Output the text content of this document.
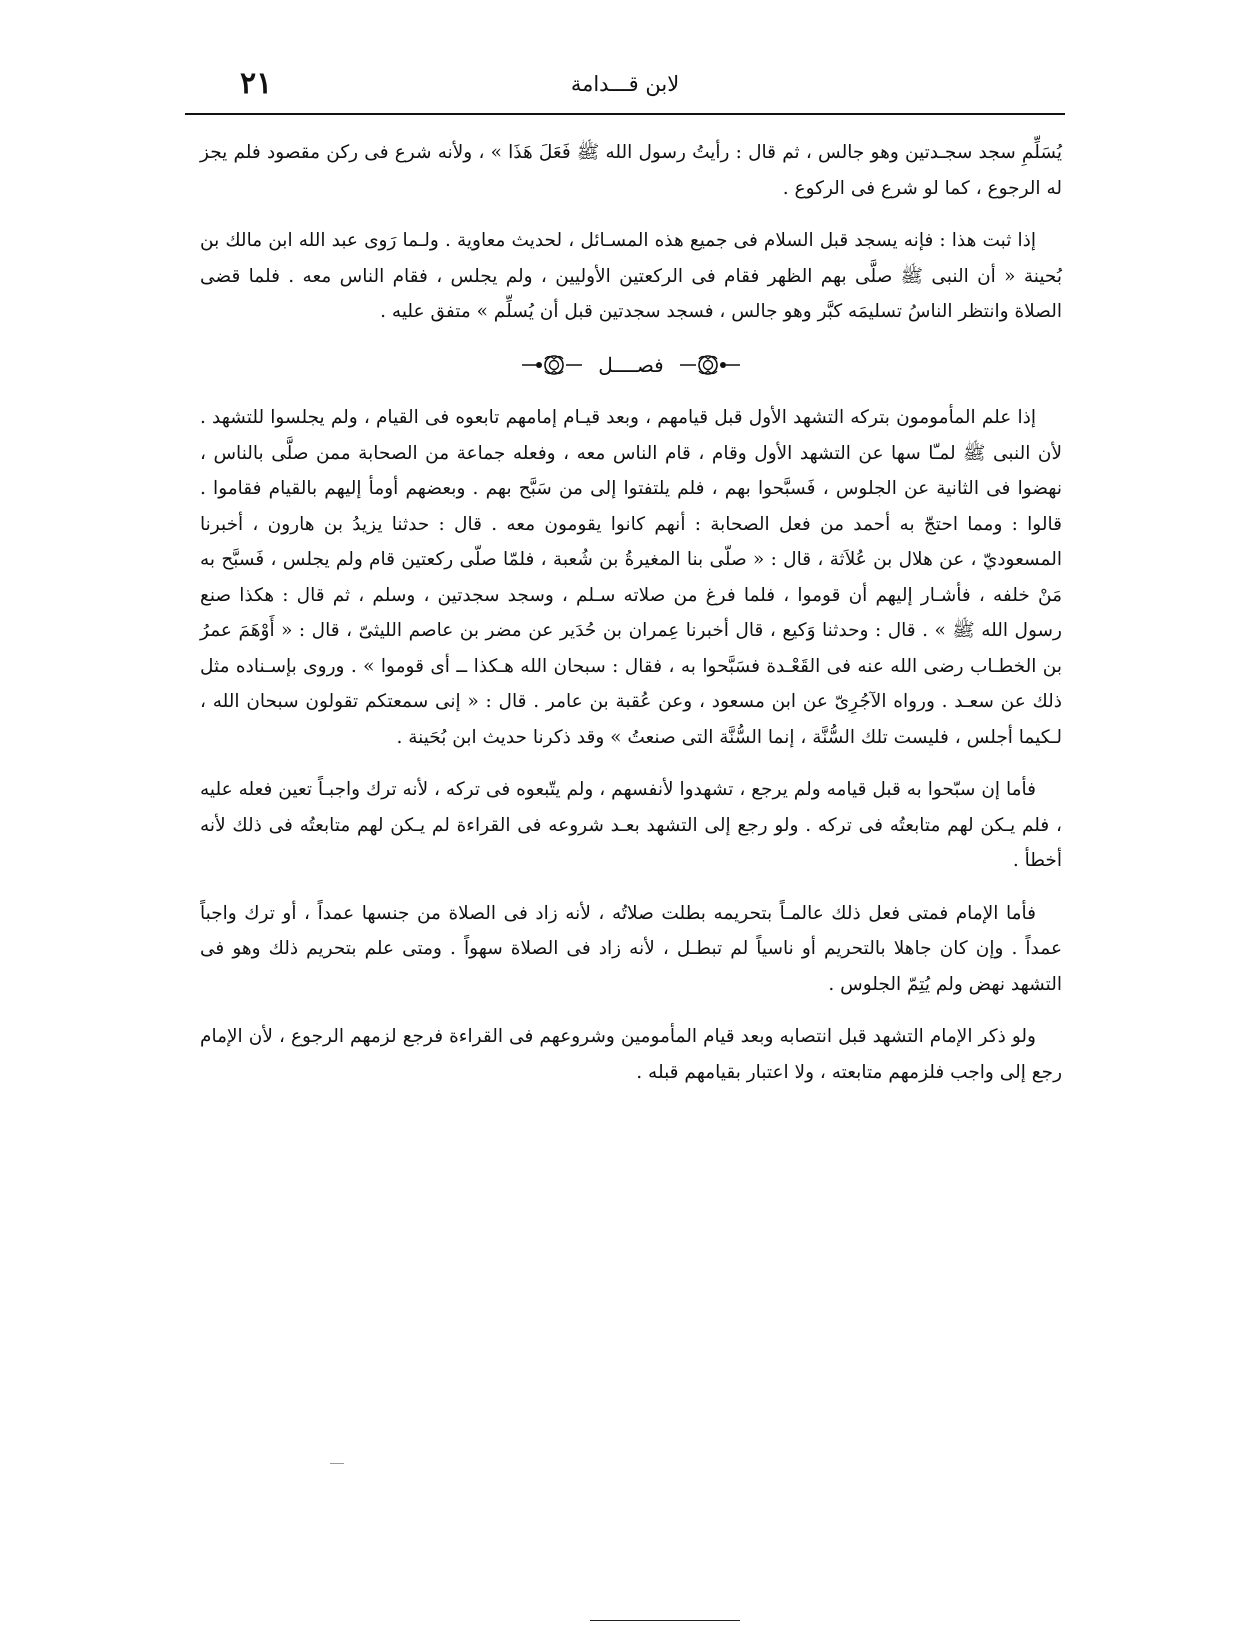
٢١	لابن قـــدامة

يُسَلِّمِ سجد سجـدتين وهو جالس ، ثم قال : رأيتُ رسول الله ﷺ فَعَلَ هَذَا » ، ولأنه شرع فى ركن مقصود فلم يجز له الرجوع ، كما لو شرع فى الركوع .

إذا ثبت هذا : فإنه يسجد قبل السلام فى جميع هذه المسـائل ، لحديث معاوية . ولـما رَوى عبد الله ابن مالك بن بُحينة « أن النبى ﷺ صلَّى بهم الظهر فقام فى الركعتين الأوليين ، ولم يجلس ، فقام الناس معه . فلما قضى الصلاة وانتظر الناسُ تسليمَه كبَّر وهو جالس ، فسجد سجدتين قبل أن يُسلِّم » متفق عليه .

فصــــل

إذا علم المأمومون بتركه التشهد الأول قبل قيامهم ، وبعد قيـام إمامهم تابعوه فى القيام ، ولم يجلسوا للتشهد . لأن النبى ﷺ لمـّا سها عن التشهد الأول وقام ، قام الناس معه ، وفعله جماعة من الصحابة ممن صلَّى بالناس ، نهضوا فى الثانية عن الجلوس ، فَسبَّحوا بهم ، فلم يلتفتوا إلى من سَبَّح بهم . وبعضهم أومأ إليهم بالقيام فقاموا . قالوا : ومما احتجّ به أحمد من فعل الصحابة : أنهم كانوا يقومون معه . قال : حدثنا يزيدُ بن هارون ، أخبرنا المسعوديّ ، عن هلال بن عُلاَثة ، قال : « صلّى بنا المغيرةُ بن شُعبة ، فلمّا صلّى ركعتين قام ولم يجلس ، فَسبَّح به مَنْ خلفه ، فأشـار إليهم أن قوموا ، فلما فرغ من صلاته سـلم ، وسجد سجدتين ، وسلم ، ثم قال : هكذا صنع رسول الله ﷺ » . قال : وحدثنا وَكيع ، قال أخبرنا عِمران بن حُدَير عن مضر بن عاصم الليثىّ ، قال : « أَوْهَمَ عمرُ بن الخطـاب رضى الله عنه فى القَعْـدة فسَبَّحوا به ، فقال : سبحان الله هـكذا ــ أى قوموا » . وروى بإسـناده مثل ذلك عن سعـد . ورواه الآجُرِىّ عن ابن مسعود ، وعن عُقبة بن عامر . قال : « إنى سمعتكم تقولون سبحان الله ، لـكيما أجلس ، فليست تلك السُّنَّة ، إنما السُّنَّة التى صنعتُ » وقد ذكرنا حديث ابن بُحَينة .

فأما إن سبّحوا به قبل قيامه ولم يرجع ، تشهدوا لأنفسهم ، ولم يتّبعوه فى تركه ، لأنه ترك واجبـاً تعين فعله عليه ، فلم يـكن لهم متابعتُه فى تركه . ولو رجع إلى التشهد بعـد شروعه فى القراءة لم يـكن لهم متابعتُه فى ذلك لأنه أخطأ .

فأما الإمام فمتى فعل ذلك عالمـاً بتحريمه بطلت صلاتُه ، لأنه زاد فى الصلاة من جنسها عمداً ، أو ترك واجباً عمداً . وإن كان جاهلا بالتحريم أو ناسياً لم تبطـل ، لأنه زاد فى الصلاة سهواً . ومتى علم بتحريم ذلك وهو فى التشهد نهض ولم يُتِمّ الجلوس .

ولو ذكر الإمام التشهد قبل انتصابه وبعد قيام المأمومين وشروعهم فى القراءة فرجع لزمهم الرجوع ، لأن الإمام رجع إلى واجب فلزمهم متابعته ، ولا اعتبار بقيامهم قبله .
